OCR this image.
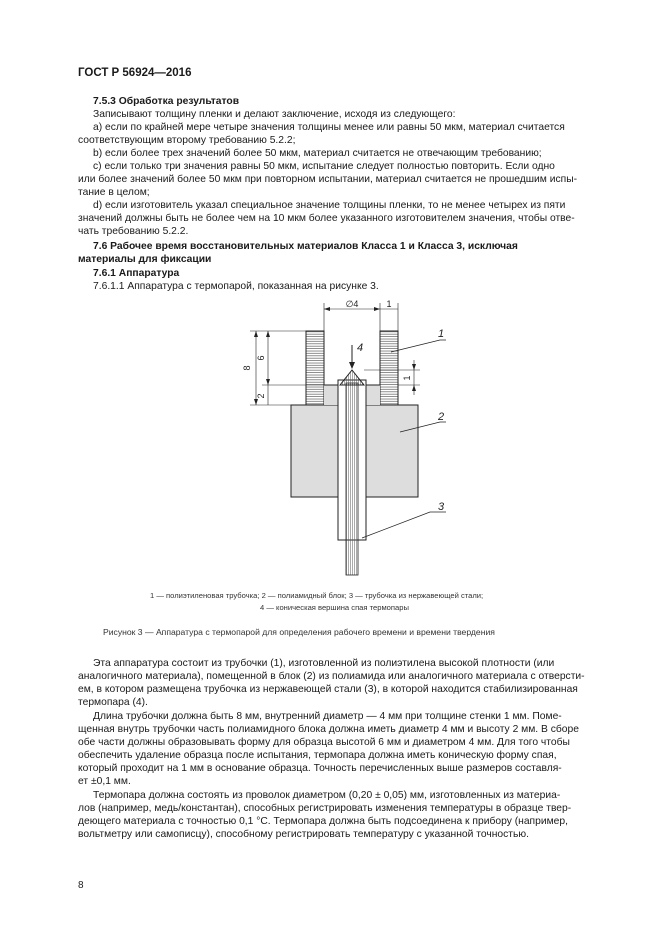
ГОСТ Р 56924—2016
7.5.3 Обработка результатов
Записывают толщину пленки и делают заключение, исходя из следующего:
a) если по крайней мере четыре значения толщины менее или равны 50 мкм, материал считается
соответствующим второму требованию 5.2.2;
b) если более трех значений более 50 мкм, материал считается не отвечающим требованию;
c) если только три значения равны 50 мкм, испытание следует полностью повторить. Если одно
или более значений более 50 мкм при повторном испытании, материал считается не прошедшим испы-
тание в целом;
d) если изготовитель указал специальное значение толщины пленки, то не менее четырех из пяти
значений должны быть не более чем на 10 мкм более указанного изготовителем значения, чтобы отве-
чать требованию 5.2.2.
7.6 Рабочее время восстановительных материалов Класса 1 и Класса 3, исключая
материалы для фиксации
7.6.1 Аппаратура
7.6.1.1 Аппаратура с термопарой, показанная на рисунке 3.
∅4	1
8
6
2
1
1
2
3
4
1 — полиэтиленовая трубочка; 2 — полиамидный блок; 3 — трубочка из нержавеющей стали;
4 — коническая вершина спая термопары
Рисунок 3 — Аппаратура с термопарой для определения рабочего времени и времени твердения
Эта аппаратура состоит из трубочки (1), изготовленной из полиэтилена высокой плотности (или
аналогичного материала), помещенной в блок (2) из полиамида или аналогичного материала с отверсти-
ем, в котором размещена трубочка из нержавеющей стали (3), в которой находится стабилизированная
термопара (4).
Длина трубочки должна быть 8 мм, внутренний диаметр — 4 мм при толщине стенки 1 мм. Поме-
щенная внутрь трубочки часть полиамидного блока должна иметь диаметр 4 мм и высоту 2 мм. В сборе
обе части должны образовывать форму для образца высотой 6 мм и диаметром 4 мм. Для того чтобы
обеспечить удаление образца после испытания, термопара должна иметь коническую форму спая,
который проходит на 1 мм в основание образца. Точность перечисленных выше размеров составля-
ет ±0,1 мм.
Термопара должна состоять из проволок диаметром (0,20 ± 0,05) мм, изготовленных из материа-
лов (например, медь/константан), способных регистрировать изменения температуры в образце твер-
деющего материала с точностью 0,1 °С. Термопара должна быть подсоединена к прибору (например,
вольтметру или самописцу), способному регистрировать температуру с указанной точностью.
8
